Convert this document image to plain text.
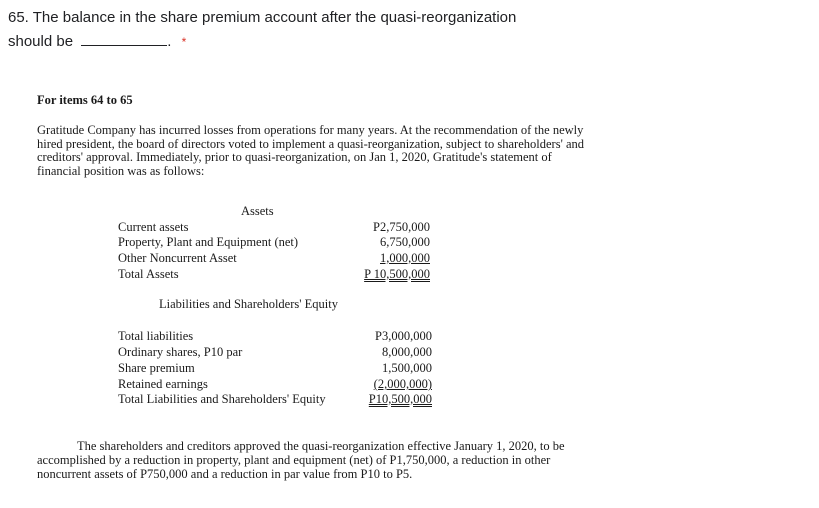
65. The balance in the share premium account after the quasi-reorganization
should be	. *
For items 64 to 65
Gratitude Company has incurred losses from operations for many years. At the recommendation of the newly hired president, the board of directors voted to implement a quasi-reorganization, subject to shareholders' and creditors' approval. Immediately, prior to quasi-reorganization, on Jan 1, 2020, Gratitude's statement of financial position was as follows:
Assets
Current assets	P2,750,000
Property, Plant and Equipment (net)	6,750,000
Other Noncurrent Asset	1,000,000
Total Assets	P 10,500,000
Liabilities and Shareholders' Equity
Total liabilities	P3,000,000
Ordinary shares, P10 par	8,000,000
Share premium	1,500,000
Retained earnings	(2,000,000)
Total Liabilities and Shareholders' Equity	P10,500,000
The shareholders and creditors approved the quasi-reorganization effective January 1, 2020, to be accomplished by a reduction in property, plant and equipment (net) of P1,750,000, a reduction in other noncurrent assets of P750,000 and a reduction in par value from P10 to P5.
